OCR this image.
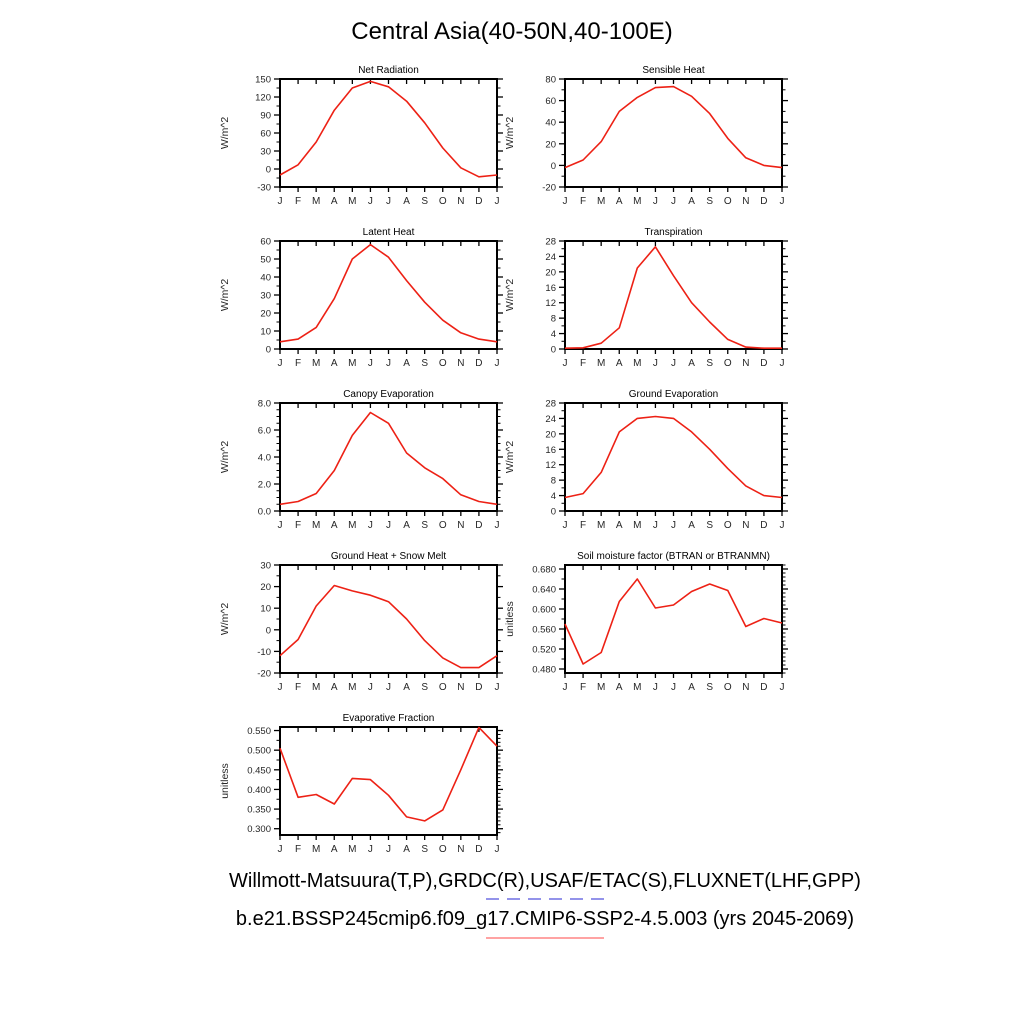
Central Asia(40-50N,40-100E)
J F M A M J J A S O N D J
-30
0
30
60
90
120
150
Net Radiation
W/m^2
J F M A M J J A S O N D J
-20
0
20
40
60
80
Sensible Heat
W/m^2
J F M A M J J A S O N D J
0
10
20
30
40
50
60
Latent Heat
W/m^2
J F M A M J J A S O N D J
0
4
8
12
16
20
24
28
Transpiration
W/m^2
J F M A M J J A S O N D J
0.0
2.0
4.0
6.0
8.0
Canopy Evaporation
W/m^2
J F M A M J J A S O N D J
0
4
8
12
16
20
24
28
Ground Evaporation
W/m^2
J F M A M J J A S O N D J
-20
-10
0
10
20
30
Ground Heat + Snow Melt
W/m^2
J F M A M J J A S O N D J
0.480
0.520
0.560
0.600
0.640
0.680
Soil moisture factor (BTRAN or BTRANMN)
unitless
J F M A M J J A S O N D J
0.300
0.350
0.400
0.450
0.500
0.550
Evaporative Fraction
unitless
Willmott-Matsuura(T,P),GRDC(R),USAF/ETAC(S),FLUXNET(LHF,GPP)
b.e21.BSSP245cmip6.f09_g17.CMIP6-SSP2-4.5.003 (yrs 2045-2069)
